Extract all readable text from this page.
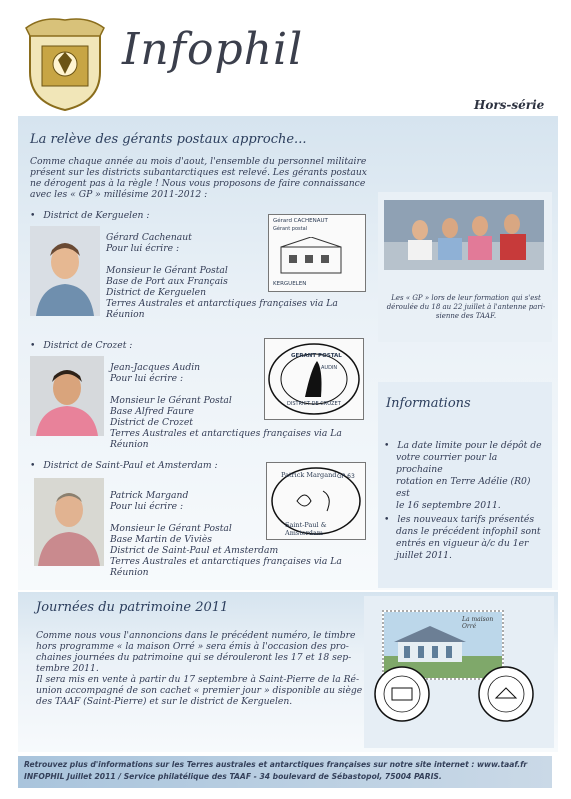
Infophil
Hors-série
La relève des gérants postaux approche...
Comme chaque année au mois d'aout, l'ensemble du personnel militaire
présent sur les districts subantarctiques est relevé. Les gérants postaux
ne dérogent pas à la règle ! Nous vous proposons de faire connaissance
avec les « GP » millésime 2011-2012 :
• District de Kerguelen :
Gérard Cachenaut
Pour lui écrire :
Monsieur le Gérant Postal
Base de Port aux Français
District de Kerguelen
Terres Australes et antarctiques françaises via La Réunion
Gérard CACHENAUT
Gérant postal
KERGUELEN
Les « GP » lors de leur formation qui s'est
déroulée du 18 au 22 juillet à l'antenne pari-
sienne des TAAF.
• District de Crozet :
Jean-Jacques Audin
Pour lui écrire :
Monsieur le Gérant Postal
Base Alfred Faure
District de Crozet
Terres Australes et antarctiques françaises via La Réunion
GERANT POSTAL
AUDIN
DISTRICT DE CROZET	Informations
• La date limite pour le dépôt de
votre courrier pour la prochaine
rotation en Terre Adélie (R0) est
le 16 septembre 2011.
• les nouveaux tarifs présentés
dans le précédent infophil sont
entrés en vigueur à/c du 1er
juillet 2011.
• District de Saint-Paul et Amsterdam :
Patrick Margand
Pour lui écrire :
Monsieur le Gérant Postal
Base Martin de Viviès
District de Saint-Paul et Amsterdam
Terres Australes et antarctiques françaises via La Réunion
Patrick Margand GP 63
Saint-Paul & Amsterdam
Journées du patrimoine 2011
Comme nous vous l'annoncions dans le précédent numéro, le timbre
hors programme « la maison Orré » sera émis à l'occasion des pro-
chaines journées du patrimoine qui se dérouleront les 17 et 18 sep-
tembre 2011.
Il sera mis en vente à partir du 17 septembre à Saint-Pierre de la Ré-
union accompagné de son cachet « premier jour » disponible au siège
des TAAF (Saint-Pierre) et sur le district de Kerguelen.
La maison Orré
Retrouvez plus d'informations sur les Terres australes et antarctiques françaises sur notre site internet : www.taaf.fr
INFOPHIL Juillet 2011 / Service philatélique des TAAF - 34 boulevard de Sébastopol, 75004 PARIS.
